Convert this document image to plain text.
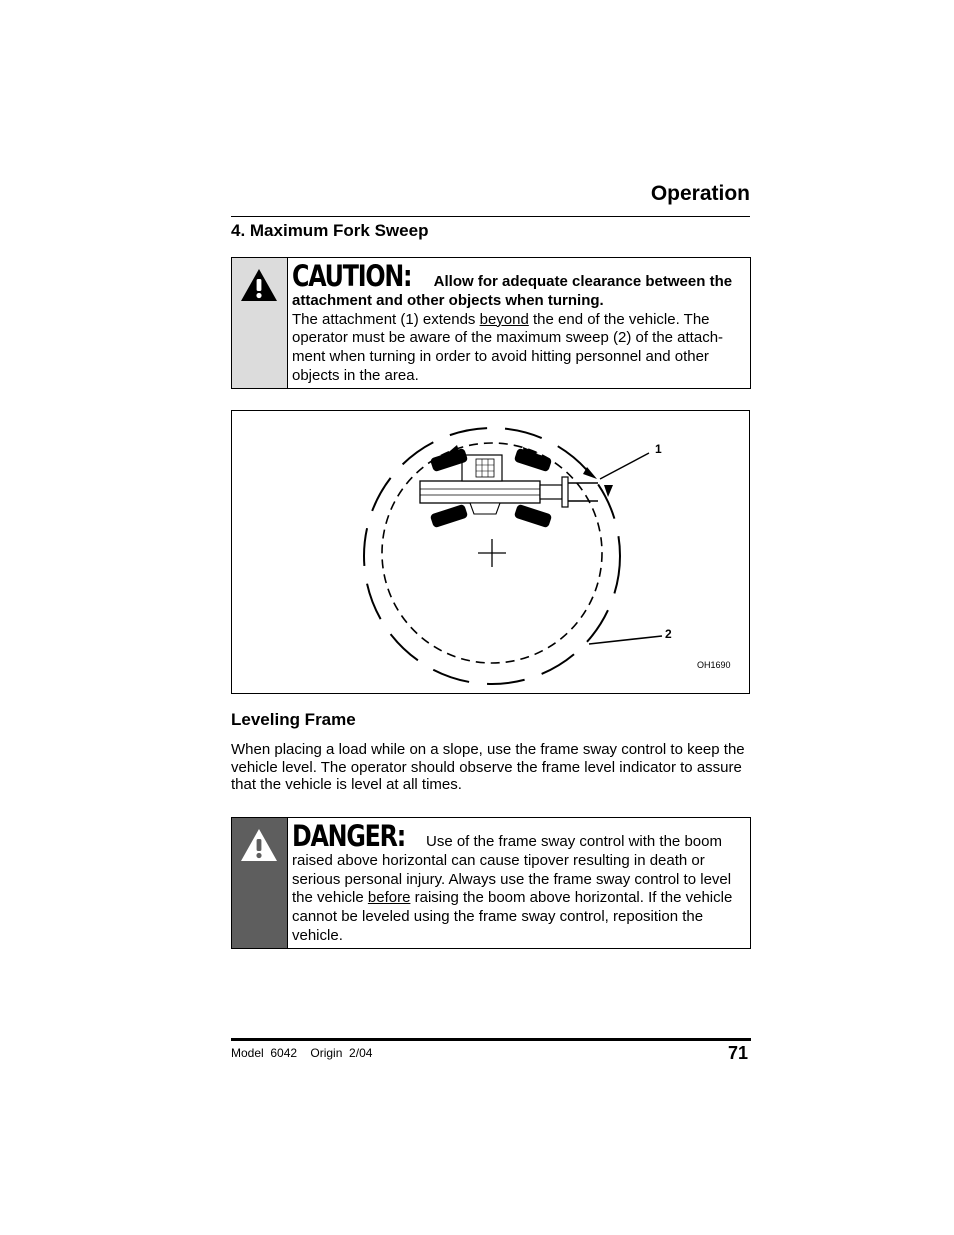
Operation
4. Maximum Fork Sweep
CAUTION: Allow for adequate clearance between the attachment and other objects when turning.
The attachment (1) extends beyond the end of the vehicle. The operator must be aware of the maximum sweep (2) of the attach-ment when turning in order to avoid hitting personnel and other objects in the area.
1
2
OH1690
Leveling Frame
When placing a load while on a slope, use the frame sway control to keep the vehicle level. The operator should observe the frame level indicator to assure that the vehicle is level at all times.
DANGER: Use of the frame sway control with the boom raised above horizontal can cause tipover resulting in death or serious personal injury. Always use the frame sway control to level the vehicle before raising the boom above horizontal. If the vehicle cannot be leveled using the frame sway control, reposition the vehicle.
Model  6042    Origin  2/04	71
